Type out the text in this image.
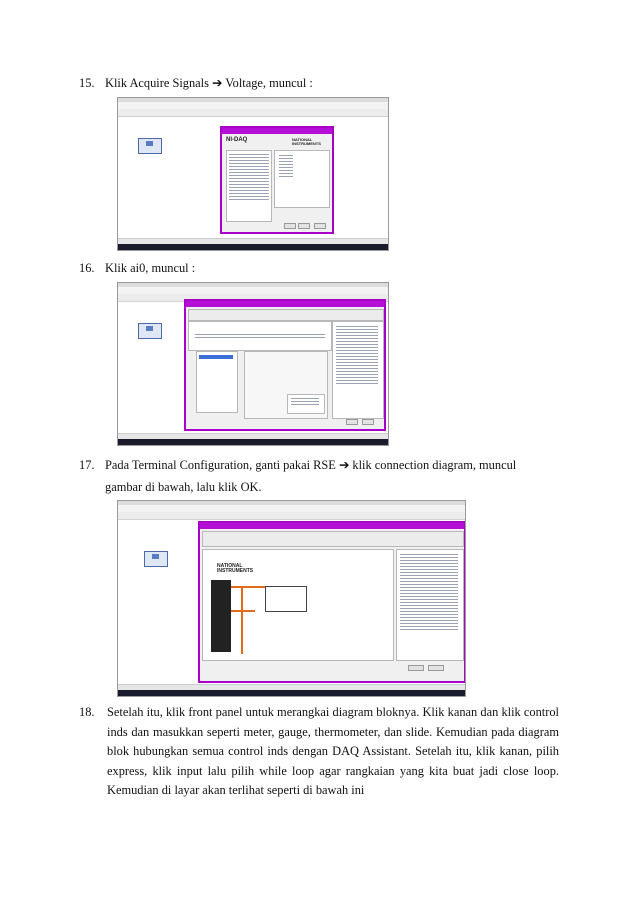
15. Klik Acquire Signals ➔ Voltage, muncul :
NI-DAQ	NATIONAL
INSTRUMENTS
16. Klik ai0, muncul :
17. Pada Terminal Configuration, ganti pakai RSE ➔ klik connection diagram, muncul
gambar di bawah, lalu klik OK.
NATIONAL
INSTRUMENTS
18.	Setelah itu, klik front panel untuk merangkai diagram bloknya. Klik kanan dan klik control inds dan masukkan seperti meter, gauge, thermometer, dan slide. Kemudian pada diagram blok hubungkan semua control inds dengan DAQ Assistant. Setelah itu, klik kanan, pilih express, klik input lalu pilih while loop agar rangkaian yang kita buat jadi close loop. Kemudian di layar akan terlihat seperti di bawah ini
